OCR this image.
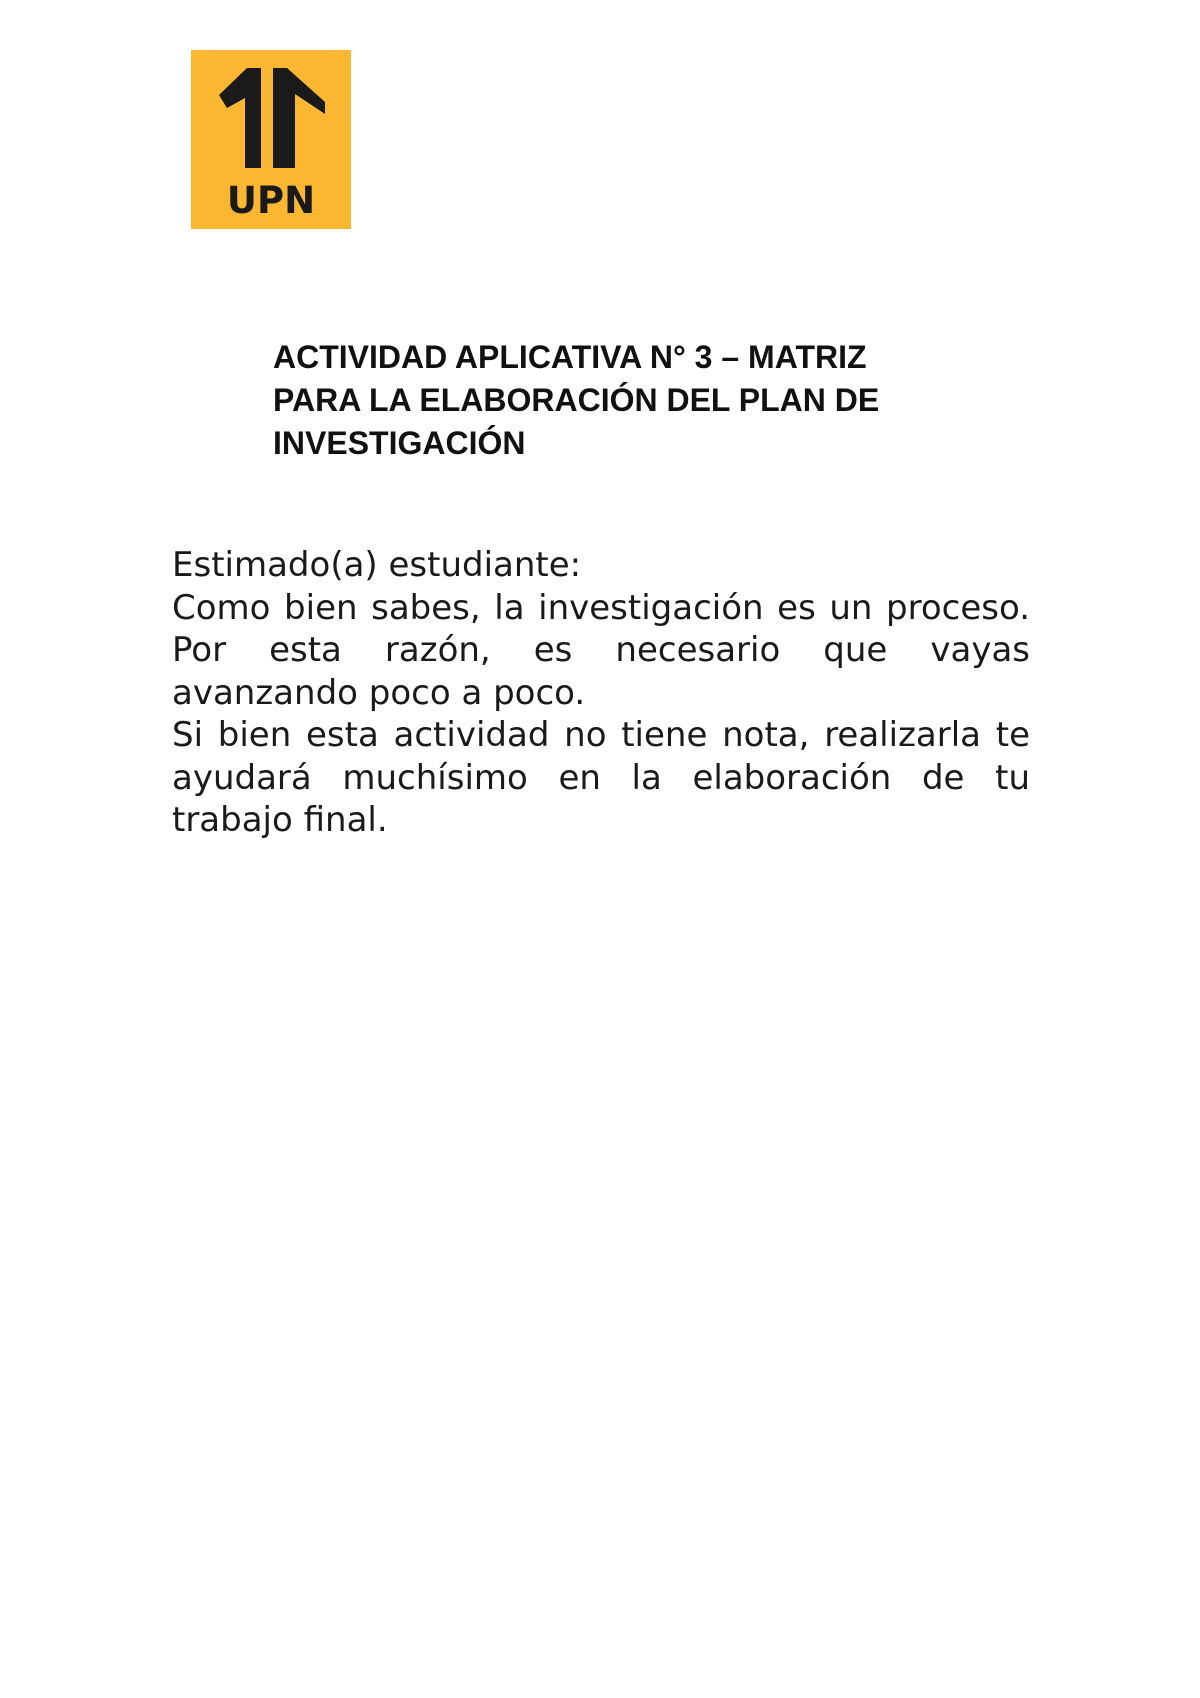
UPN
ACTIVIDAD APLICATIVA N° 3 – MATRIZ
PARA LA ELABORACIÓN DEL PLAN DE
INVESTIGACIÓN

Estimado(a) estudiante:

Como bien sabes, la investigación es un proceso. Por esta razón, es necesario que vayas avanzando poco a poco.

Si bien esta actividad no tiene nota, realizarla te ayudará muchísimo en la elaboración de tu trabajo final.
